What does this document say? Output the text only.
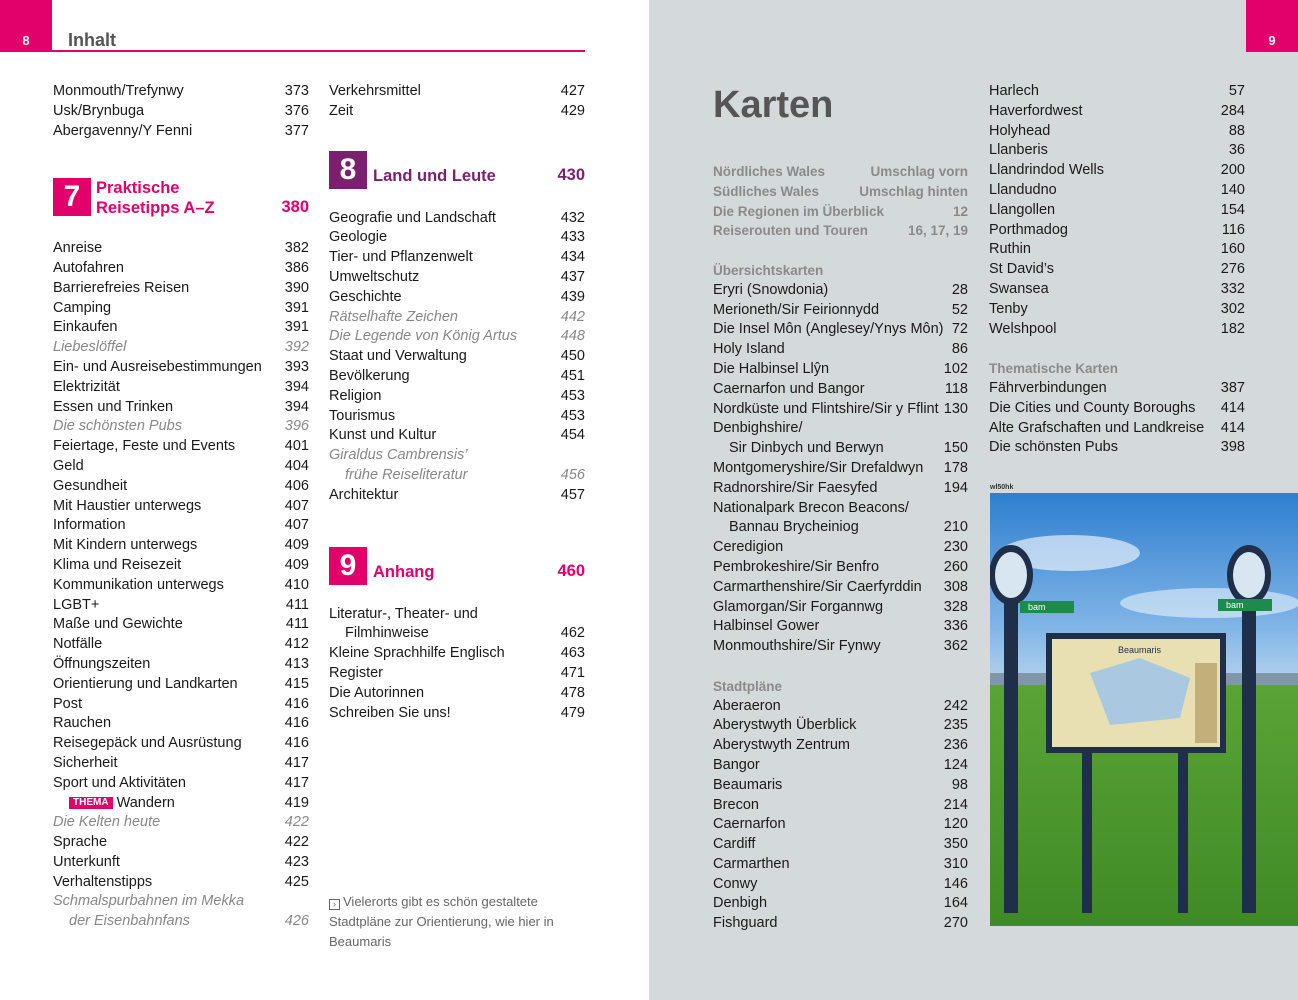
8	9
Inhalt
Monmouth/Trefynwy	373
Usk/Brynbuga	376
Abergavenny/Y Fenni	377
7 Praktische
Reisetipps A–Z	380
Anreise	382
Autofahren	386
Barrierefreies Reisen	390
Camping	391
Einkaufen	391
Liebeslöffel	392
Ein- und Ausreisebestimmungen 393
Elektrizität	394
Essen und Trinken	394
Die schönsten Pubs	396
Feiertage, Feste und Events	401
Geld	404
Gesundheit	406
Mit Haustier unterwegs	407
Information	407
Mit Kindern unterwegs	409
Klima und Reisezeit	409
Kommunikation unterwegs	410
LGBT+	411
Maße und Gewichte	411
Notfälle	412
Öffnungszeiten	413
Orientierung und Landkarten	415
Post	416
Rauchen	416
Reisegepäck und Ausrüstung	416
Sicherheit	417
Sport und Aktivitäten	417
THEMA Wandern	419
Die Kelten heute	422
Sprache	422
Unterkunft	423
Verhaltenstipps	425
Schmalspurbahnen im Mekka
der Eisenbahnfans	426
Verkehrsmittel	427
Zeit	429
8	Land und Leute	430
Geografie und Landschaft	432
Geologie	433
Tier- und Pflanzenwelt	434
Umweltschutz	437
Geschichte	439
Rätselhafte Zeichen	442
Die Legende von König Artus	448
Staat und Verwaltung	450
Bevölkerung	451
Religion	453
Tourismus	453
Kunst und Kultur	454
Giraldus Cambrensis’
frühe Reiseliteratur	456
Architektur	457
9	Anhang	460
Literatur-, Theater- und
Filmhinweise	462
Kleine Sprachhilfe Englisch	463
Register	471
Die Autorinnen	478
Schreiben Sie uns!	479
› Vielerorts gibt es schön gestaltete Stadtpläne zur Orientierung, wie hier in Beaumaris
Karten
Nördliches Wales	Umschlag vorn
Südliches Wales	Umschlag hinten
Die Regionen im Überblick	12
Reiserouten und Touren	16, 17, 19
Übersichtskarten
Eryri (Snowdonia)	28
Merioneth/Sir Feirionnydd	52
Die Insel Môn (Anglesey/Ynys Môn) 72
Holy Island	86
Die Halbinsel Llŷn	102
Caernarfon und Bangor	118
Nordküste und Flintshire/Sir y Fflint 130
Denbighshire/
Sir Dinbych und Berwyn	150
Montgomeryshire/Sir Drefaldwyn 178
Radnorshire/Sir Faesyfed	194
Nationalpark Brecon Beacons/
Bannau Brycheiniog	210
Ceredigion	230
Pembrokeshire/Sir Benfro	260
Carmarthenshire/Sir Caerfyrddin 308
Glamorgan/Sir Forgannwg	328
Halbinsel Gower	336
Monmouthshire/Sir Fynwy	362
Stadtpläne
Aberaeron	242
Aberystwyth Überblick	235
Aberystwyth Zentrum	236
Bangor	124
Beaumaris	98
Brecon	214
Caernarfon	120
Cardiff	350
Carmarthen	310
Conwy	146
Denbigh	164
Fishguard	270
Harlech	57
Haverfordwest	284
Holyhead	88
Llanberis	36
Llandrindod Wells	200
Llandudno	140
Llangollen	154
Porthmadog	116
Ruthin	160
St David’s	276
Swansea	332
Tenby	302
Welshpool	182
Thematische Karten
Fährverbindungen	387
Die Cities und County Boroughs 414
Alte Grafschaften und Landkreise 414
Die schönsten Pubs	398
wl50hk
bam	bam
Beaumaris
